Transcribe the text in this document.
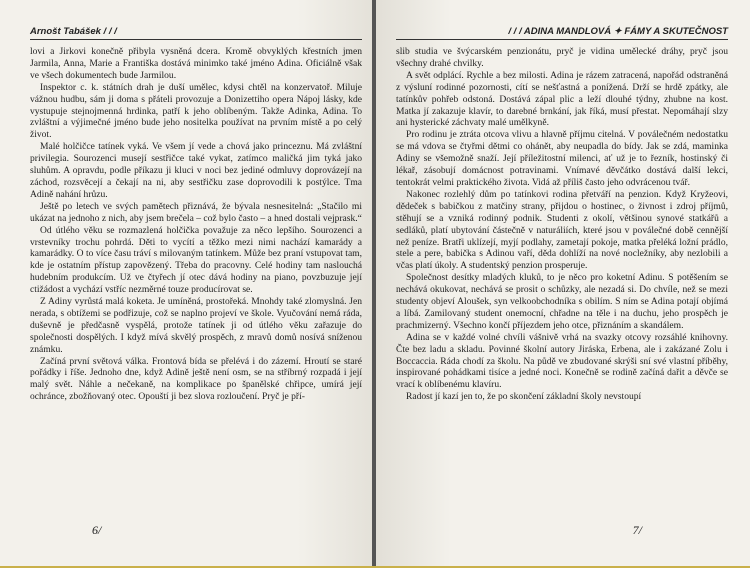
Arnošt Tabášek / / /

lovi a Jirkovi konečně přibyla vysněná dcera. Kromě obvyklých křestních jmen Jarmila, Anna, Marie a Františka dostává minimko také jméno Adina. Oficiálně však ve všech dokumentech bude Jarmilou.

Inspektor c. k. státních drah je duší umělec, kdysi chtěl na konzervatoř. Miluje vážnou hudbu, sám ji doma s přáteli provozuje a Donizettiho opera Nápoj lásky, kde vystupuje stejnojmenná hrdinka, patří k jeho oblíbeným. Takže Adinka, Adina. To zvláštní a výjimečné jméno bude jeho nositelka používat na prvním místě a po celý život.

Malé holčičce tatínek vyká. Ve všem jí vede a chová jako princeznu. Má zvláštní privilegia. Sourozenci musejí sestřičce také vykat, zatímco maličká jim tyká jako sluhům. A opravdu, podle příkazu ji kluci v noci bez jediné odmluvy doprovázejí na záchod, rozsvěcejí a čekají na ni, aby sestřičku zase doprovodili k postýlce. Tma Adině nahání hrůzu.

Ještě po letech ve svých pamětech přiznává, že bývala nesnesitelná: „Stačilo mi ukázat na jednoho z nich, aby jsem brečela – což bylo často – a hned dostali vejprask.“

Od útlého věku se rozmazlená holčička považuje za něco lepšího. Sourozenci a vrstevníky trochu pohrdá. Děti to vycítí a těžko mezi nimi nachází kamarády a kamarádky. O to více času tráví s milovaným tatínkem. Může bez praní vstupovat tam, kde je ostatním přístup zapovězený. Třeba do pracovny. Celé hodiny tam naslouchá hudebním produkcím. Už ve čtyřech jí otec dává hodiny na piano, povzbuzuje její ctižádost a vychází vstříc nezměrné touze producírovat se.

Z Adiny vyrůstá malá koketa. Je umíněná, prostořeká. Mnohdy také zlomyslná. Jen nerada, s obtížemi se podřizuje, což se naplno projeví ve škole. Vyučování nemá ráda, duševně je předčasně vyspělá, protože tatínek ji od útlého věku zařazuje do společnosti dospělých. I když mívá skvělý prospěch, z mravů domů nosívá sníženou známku.

Začíná první světová válka. Frontová bída se přelévá i do zázemí. Hroutí se staré pořádky i říše. Jednoho dne, když Adině ještě není osm, se na stříbrný rozpadá i její malý svět. Náhle a nečekaně, na komplikace po španělské chřipce, umírá její ochránce, zbožňovaný otec. Opouští ji bez slova rozloučení. Pryč je pří-

6/
/ / / ADINA MANDLOVÁ ✦ FÁMY A SKUTEČNOST

slib studia ve švýcarském penzionátu, pryč je vidina umělecké dráhy, pryč jsou všechny drahé chvilky.

A svět odplácí. Rychle a bez milosti. Adina je rázem zatracená, napořád odstraněná z výsluní rodinné pozornosti, cítí se nešťastná a ponížená. Drží se hrdě zpátky, ale tatínkův pohřeb odstoná. Dostává zápal plic a leží dlouhé týdny, zhubne na kost. Matka jí zakazuje klavír, to darebné brnkání, jak říká, musí přestat. Nepomáhají slzy ani hysterické záchvaty malé umělkyně.

Pro rodinu je ztráta otcova vlivu a hlavně příjmu citelná. V poválečném nedostatku se má vdova se čtyřmi dětmi co ohánět, aby neupadla do bídy. Jak se zdá, maminka Adiny se všemožně snaží. Její příležitostní milenci, ať už je to řezník, hostinský či lékař, zásobují domácnost potravinami. Vnímavé děvčátko dostává další lekci, tentokrát velmi praktického života. Vidá až příliš často jeho odvrácenou tvář.

Nakonec rozlehlý dům po tatínkovi rodina přetváří na penzion. Když Kryžeovi, dědeček s babičkou z matčiny strany, přijdou o hostinec, o živnost i zdroj příjmů, stěhují se a vzniká rodinný podnik. Studenti z okolí, většinou synové statkářů a sedláků, platí ubytování částečně v naturáliích, které jsou v poválečné době cennější než peníze. Bratři uklízejí, myjí podlahy, zametají pokoje, matka přeléká ložní prádlo, stele a pere, babička s Adinou vaří, děda dohlíží na nové nocležníky, aby nezlobili a včas platí úkoly. A studentský penzion prosperuje.

Společnost desítky mladých kluků, to je něco pro koketní Adinu. S potěšením se nechává okukovat, nechává se prosit o schůzky, ale nezadá si. Do chvíle, než se mezi studenty objeví Aloušek, syn velkoobchodníka s obilím. S ním se Adina potají objímá a líbá. Zamilovaný student onemocní, chřadne na těle i na duchu, jeho prospěch je prachmizerný. Všechno končí příjezdem jeho otce, přiznáním a skandálem.

Adina se v každé volné chvíli vášnivě vrhá na svazky otcovy rozsáhlé knihovny. Čte bez ladu a skladu. Povinné školní autory Jiráska, Erbena, ale i zakázané Zolu i Boccaccia. Ráda chodí za školu. Na půdě ve zbudované skrýši sní své vlastní příběhy, inspirované pohádkami tisíce a jedné noci. Konečně se rodině začíná dařit a děvče se vrací k oblíbenému klavíru.

Radost jí kazí jen to, že po skončení základní školy nevstoupí

7/
